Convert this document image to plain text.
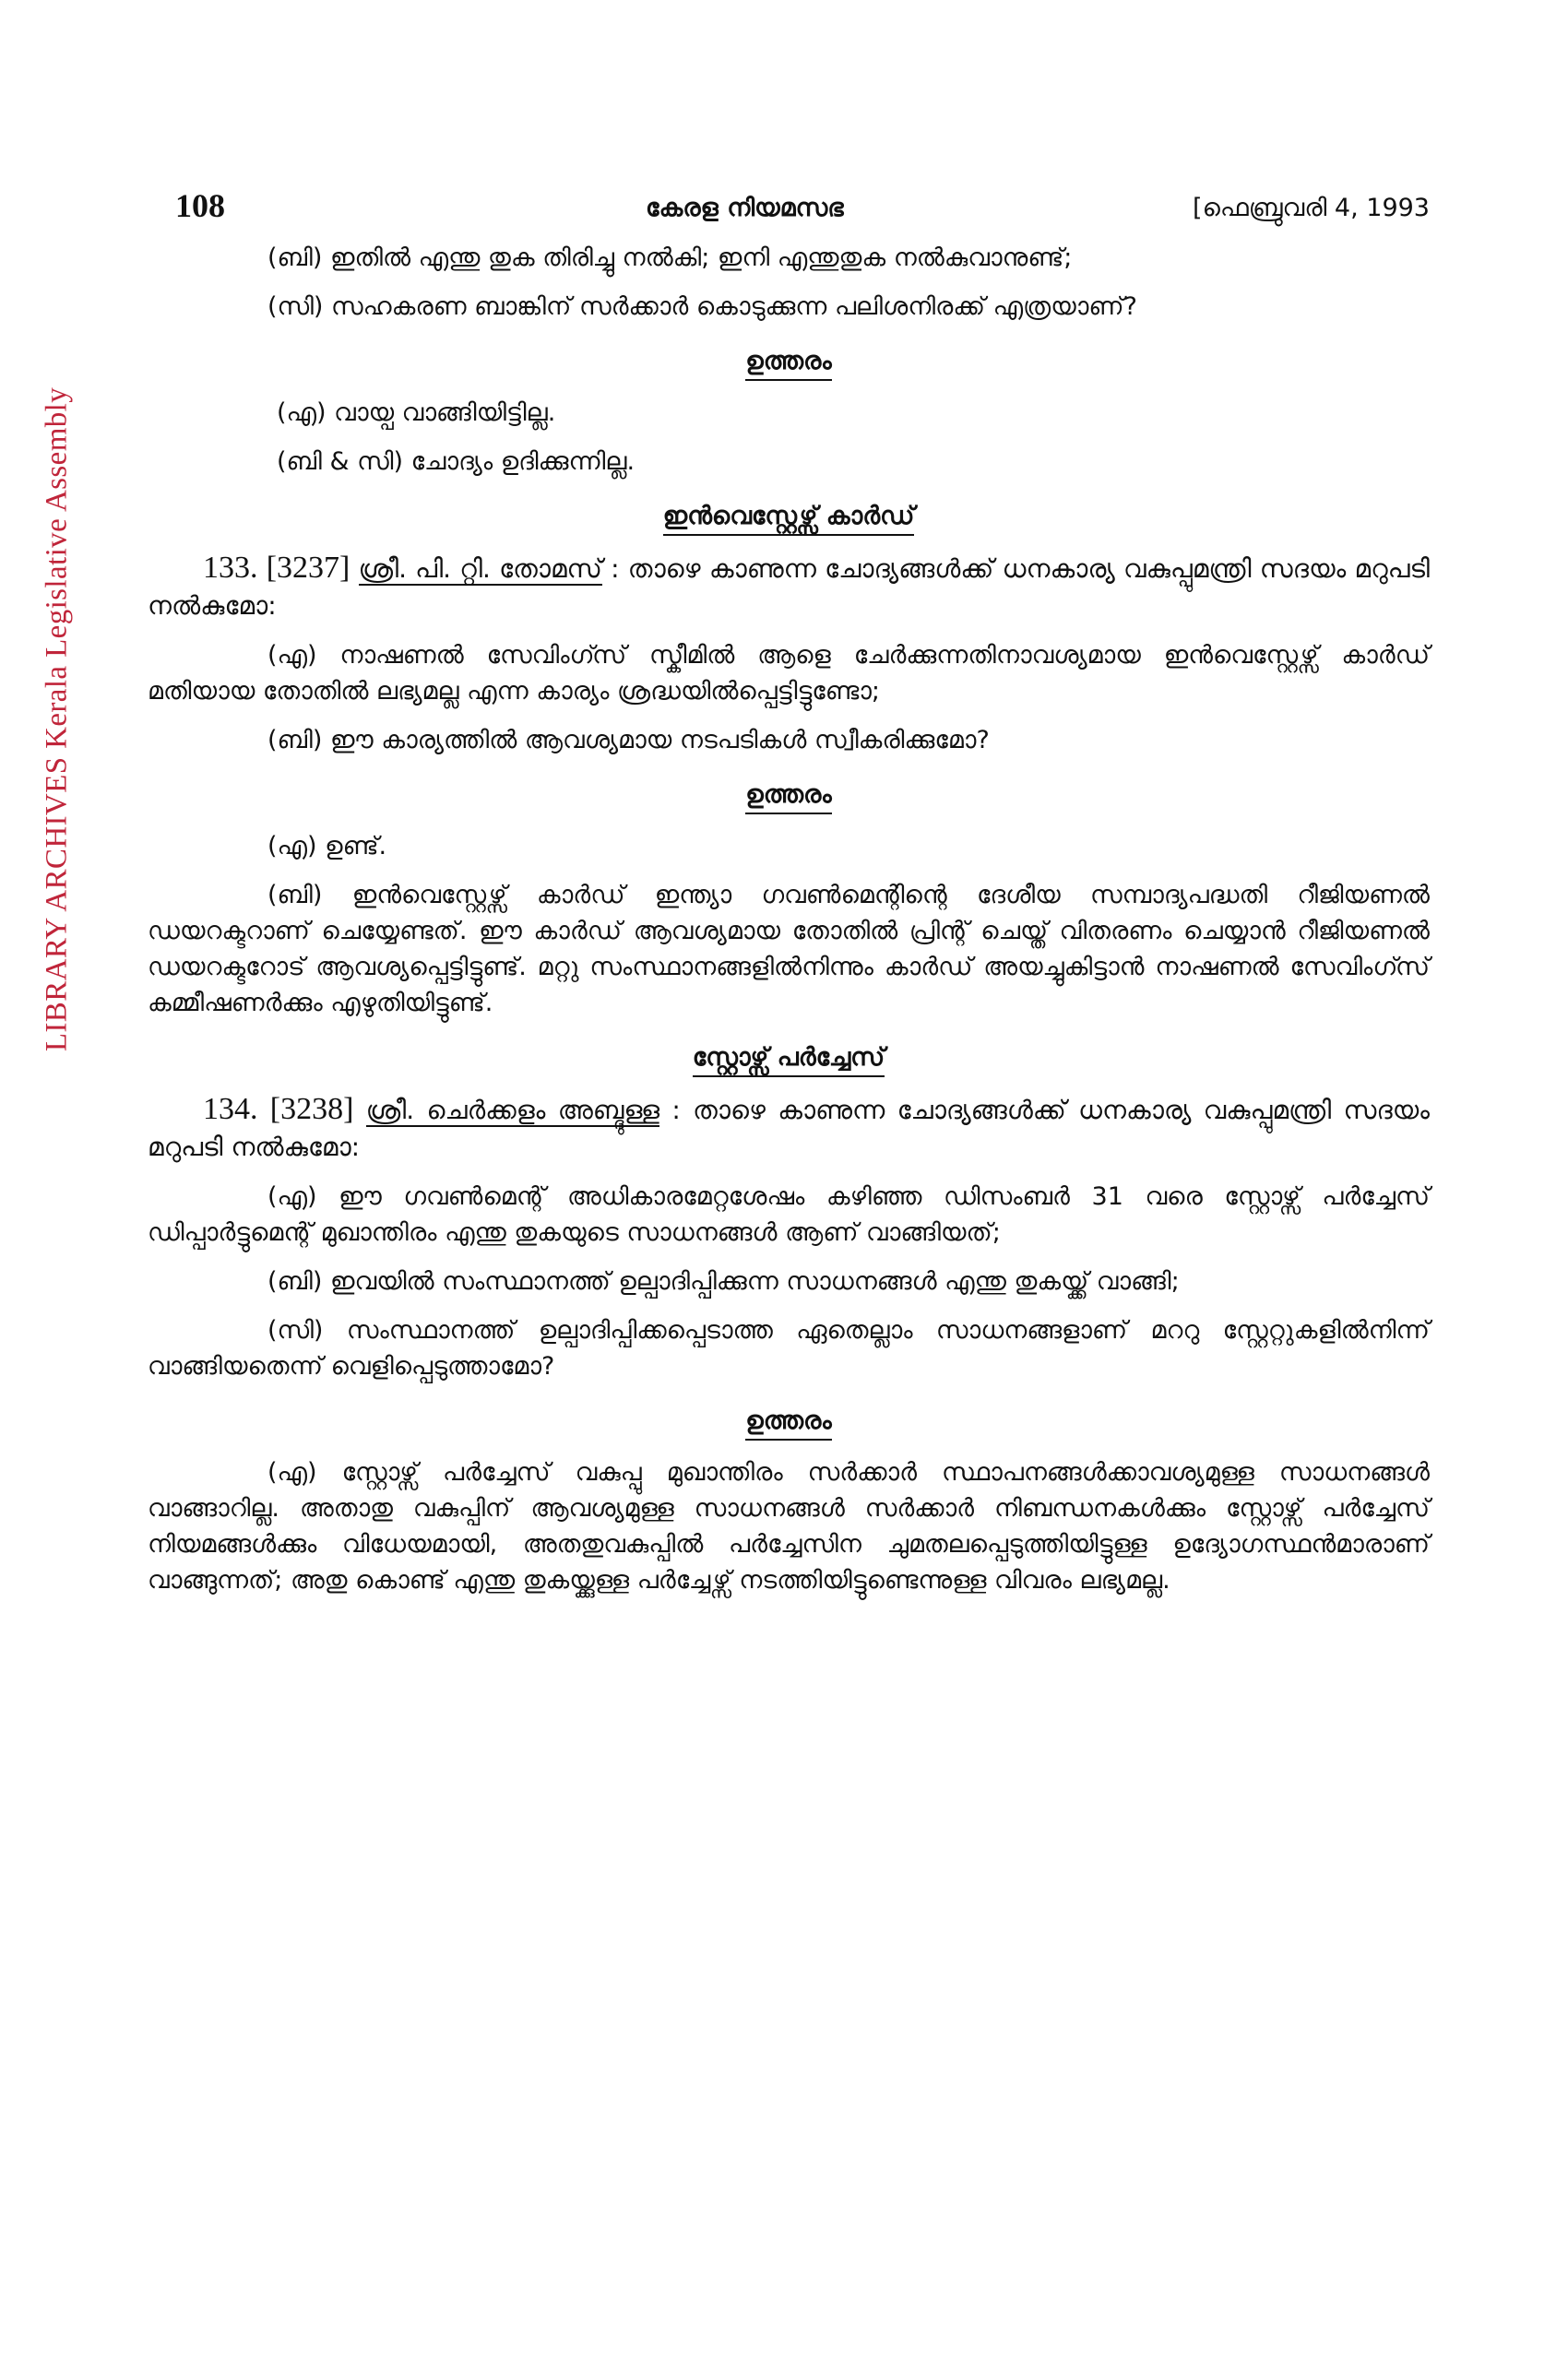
LIBRARY ARCHIVES Kerala Legislative Assembly
108	കേരള നിയമസഭ	[ഫെബ്രുവരി 4, 1993

(ബി) ഇതിൽ എന്തു തുക തിരിച്ചു നൽകി; ഇനി എന്തുതുക നൽകുവാനുണ്ട്;

(സി) സഹകരണ ബാങ്കിന് സർക്കാർ കൊടുക്കുന്ന പലിശനിരക്ക് എത്രയാണ്?

ഉത്തരം

(എ) വായ്പ വാങ്ങിയിട്ടില്ല.

(ബി & സി) ചോദ്യം ഉദിക്കുന്നില്ല.

ഇൻവെസ്റ്റേഴ്സ് കാർഡ്

133. [3237] ശ്രീ. പി. റ്റി. തോമസ് : താഴെ കാണുന്ന ചോദ്യങ്ങൾക്ക് ധനകാര്യ വകുപ്പുമന്ത്രി സദയം മറുപടി നൽകുമോ:

(എ) നാഷണൽ സേവിംഗ്സ് സ്കീമിൽ ആളെ ചേർക്കുന്നതിനാവശ്യമായ ഇൻവെസ്റ്റേഴ്സ് കാർഡ് മതിയായ തോതിൽ ലഭ്യമല്ല എന്ന കാര്യം ശ്രദ്ധയിൽപ്പെട്ടിട്ടുണ്ടോ;

(ബി) ഈ കാര്യത്തിൽ ആവശ്യമായ നടപടികൾ സ്വീകരിക്കുമോ?

ഉത്തരം

(എ) ഉണ്ട്.

(ബി) ഇൻവെസ്റ്റേഴ്സ് കാർഡ് ഇന്ത്യാ ഗവൺമെന്റിന്റെ ദേശീയ സമ്പാദ്യപദ്ധതി റീജിയണൽ ഡയറക്ടറാണ് ചെയ്യേണ്ടത്. ഈ കാർഡ് ആവശ്യമായ തോതിൽ പ്രിന്റ് ചെയ്ത് വിതരണം ചെയ്യാൻ റീജിയണൽ ഡയറക്ടറോട് ആവശ്യപ്പെട്ടിട്ടുണ്ട്. മറ്റു സംസ്ഥാനങ്ങളിൽനിന്നും കാർഡ് അയച്ചുകിട്ടാൻ നാഷണൽ സേവിംഗ്സ് കമ്മീഷണർക്കും എഴുതിയിട്ടുണ്ട്.

സ്റ്റോഴ്സ് പർച്ചേസ്

134. [3238] ശ്രീ. ചെർക്കളം അബ്ദുള്ള : താഴെ കാണുന്ന ചോദ്യങ്ങൾക്ക് ധനകാര്യ വകുപ്പുമന്ത്രി സദയം മറുപടി നൽകുമോ:

(എ) ഈ ഗവൺമെന്റ് അധികാരമേറ്റശേഷം കഴിഞ്ഞ ഡിസംബർ 31 വരെ സ്റ്റോഴ്സ് പർച്ചേസ് ഡിപ്പാർട്ടുമെന്റ് മുഖാന്തിരം എന്തു തുകയുടെ സാധനങ്ങൾ ആണ് വാങ്ങിയത്;

(ബി) ഇവയിൽ സംസ്ഥാനത്ത് ഉല്പാദിപ്പിക്കുന്ന സാധനങ്ങൾ എന്തു തുകയ്ക്ക് വാങ്ങി;

(സി) സംസ്ഥാനത്ത് ഉല്പാദിപ്പിക്കപ്പെടാത്ത ഏതെല്ലാം സാധനങ്ങളാണ് മററു സ്റ്റേറ്റുകളിൽനിന്ന് വാങ്ങിയതെന്ന് വെളിപ്പെടുത്താമോ?

ഉത്തരം

(എ) സ്റ്റോഴ്സ് പർച്ചേസ് വകുപ്പു മുഖാന്തിരം സർക്കാർ സ്ഥാപനങ്ങൾക്കാവശ്യമുള്ള സാധനങ്ങൾ വാങ്ങാറില്ല. അതാതു വകുപ്പിന് ആവശ്യമുള്ള സാധനങ്ങൾ സർക്കാർ നിബന്ധനകൾക്കും സ്റ്റോഴ്സ് പർച്ചേസ് നിയമങ്ങൾക്കും വിധേയമായി, അതതുവകുപ്പിൽ പർച്ചേസിന ചുമതലപ്പെടുത്തിയിട്ടുള്ള ഉദ്യോഗസ്ഥൻമാരാണ് വാങ്ങുന്നത്; അതു കൊണ്ട് എന്തു തുകയ്ക്കുള്ള പർച്ചേഴ്സ് നടത്തിയിട്ടുണ്ടെന്നുള്ള വിവരം ലഭ്യമല്ല.
